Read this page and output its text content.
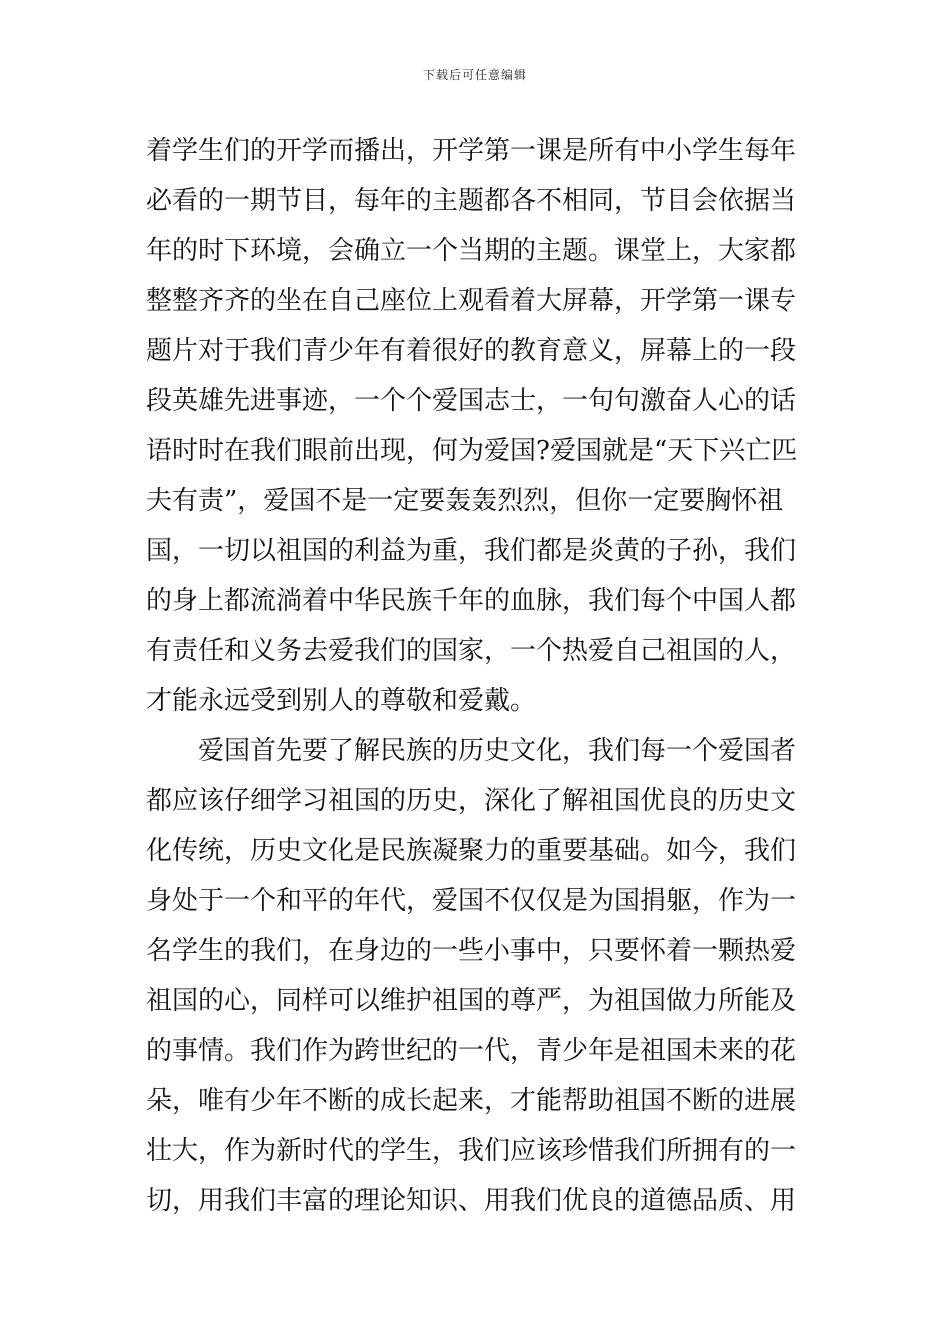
下载后可任意编辑
着学生们的开学而播出，开学第一课是所有中小学生每年
必看的一期节目，每年的主题都各不相同，节目会依据当
年的时下环境，会确立一个当期的主题。课堂上，大家都
整整齐齐的坐在自己座位上观看着大屏幕，开学第一课专
题片对于我们青少年有着很好的教育意义，屏幕上的一段
段英雄先进事迹，一个个爱国志士，一句句激奋人心的话
语时时在我们眼前出现，何为爱国?爱国就是“天下兴亡匹
夫有责”，爱国不是一定要轰轰烈烈，但你一定要胸怀祖
国，一切以祖国的利益为重，我们都是炎黄的子孙，我们
的身上都流淌着中华民族千年的血脉，我们每个中国人都
有责任和义务去爱我们的国家，一个热爱自己祖国的人，
才能永远受到别人的尊敬和爱戴。
爱国首先要了解民族的历史文化，我们每一个爱国者
都应该仔细学习祖国的历史，深化了解祖国优良的历史文
化传统，历史文化是民族凝聚力的重要基础。如今，我们
身处于一个和平的年代，爱国不仅仅是为国捐躯，作为一
名学生的我们，在身边的一些小事中，只要怀着一颗热爱
祖国的心，同样可以维护祖国的尊严，为祖国做力所能及
的事情。我们作为跨世纪的一代，青少年是祖国未来的花
朵，唯有少年不断的成长起来，才能帮助祖国不断的进展
壮大，作为新时代的学生，我们应该珍惜我们所拥有的一
切，用我们丰富的理论知识、用我们优良的道德品质、用
